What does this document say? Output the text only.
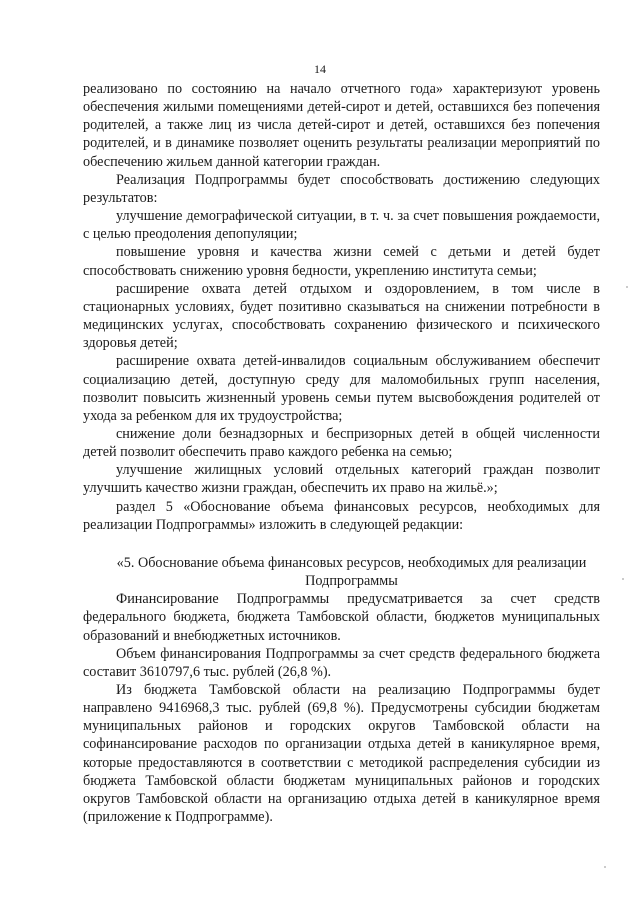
14

реализовано по состоянию на начало отчетного года» характеризуют уровень обеспечения жилыми помещениями детей-сирот и детей, оставшихся без попечения родителей, а также лиц из числа детей-сирот и детей, оставшихся без попечения родителей, и в динамике позволяет оценить результаты реализации мероприятий по обеспечению жильем данной категории граждан.

Реализация Подпрограммы будет способствовать достижению следующих результатов:

улучшение демографической ситуации, в т. ч. за счет повышения рождаемости, с целью преодоления депопуляции;

повышение уровня и качества жизни семей с детьми и детей будет способствовать снижению уровня бедности, укреплению института семьи;

расширение охвата детей отдыхом и оздоровлением, в том числе в стационарных условиях, будет позитивно сказываться на снижении потребности в медицинских услугах, способствовать сохранению физического и психического здоровья детей;

расширение охвата детей-инвалидов социальным обслуживанием обеспечит социализацию детей, доступную среду для маломобильных групп населения, позволит повысить жизненный уровень семьи путем высвобождения родителей от ухода за ребенком для их трудоустройства;

снижение доли безнадзорных и беспризорных детей в общей численности детей позволит обеспечить право каждого ребенка на семью;

улучшение жилищных условий отдельных категорий граждан позволит улучшить качество жизни граждан, обеспечить их право на жильё.»;

раздел 5 «Обоснование объема финансовых ресурсов, необходимых для реализации Подпрограммы» изложить в следующей редакции:

«5. Обоснование объема финансовых ресурсов, необходимых для реализации Подпрограммы

Финансирование Подпрограммы предусматривается за счет средств федерального бюджета, бюджета Тамбовской области, бюджетов муниципальных образований и внебюджетных источников.

Объем финансирования Подпрограммы за счет средств федерального бюджета составит 3610797,6 тыс. рублей (26,8 %).

Из бюджета Тамбовской области на реализацию Подпрограммы будет направлено 9416968,3 тыс. рублей (69,8 %). Предусмотрены субсидии бюджетам муниципальных районов и городских округов Тамбовской области на софинансирование расходов по организации отдыха детей в каникулярное время, которые предоставляются в соответствии с методикой распределения субсидии из бюджета Тамбовской области бюджетам муниципальных районов и городских округов Тамбовской области на организацию отдыха детей в каникулярное время (приложение к Подпрограмме).
